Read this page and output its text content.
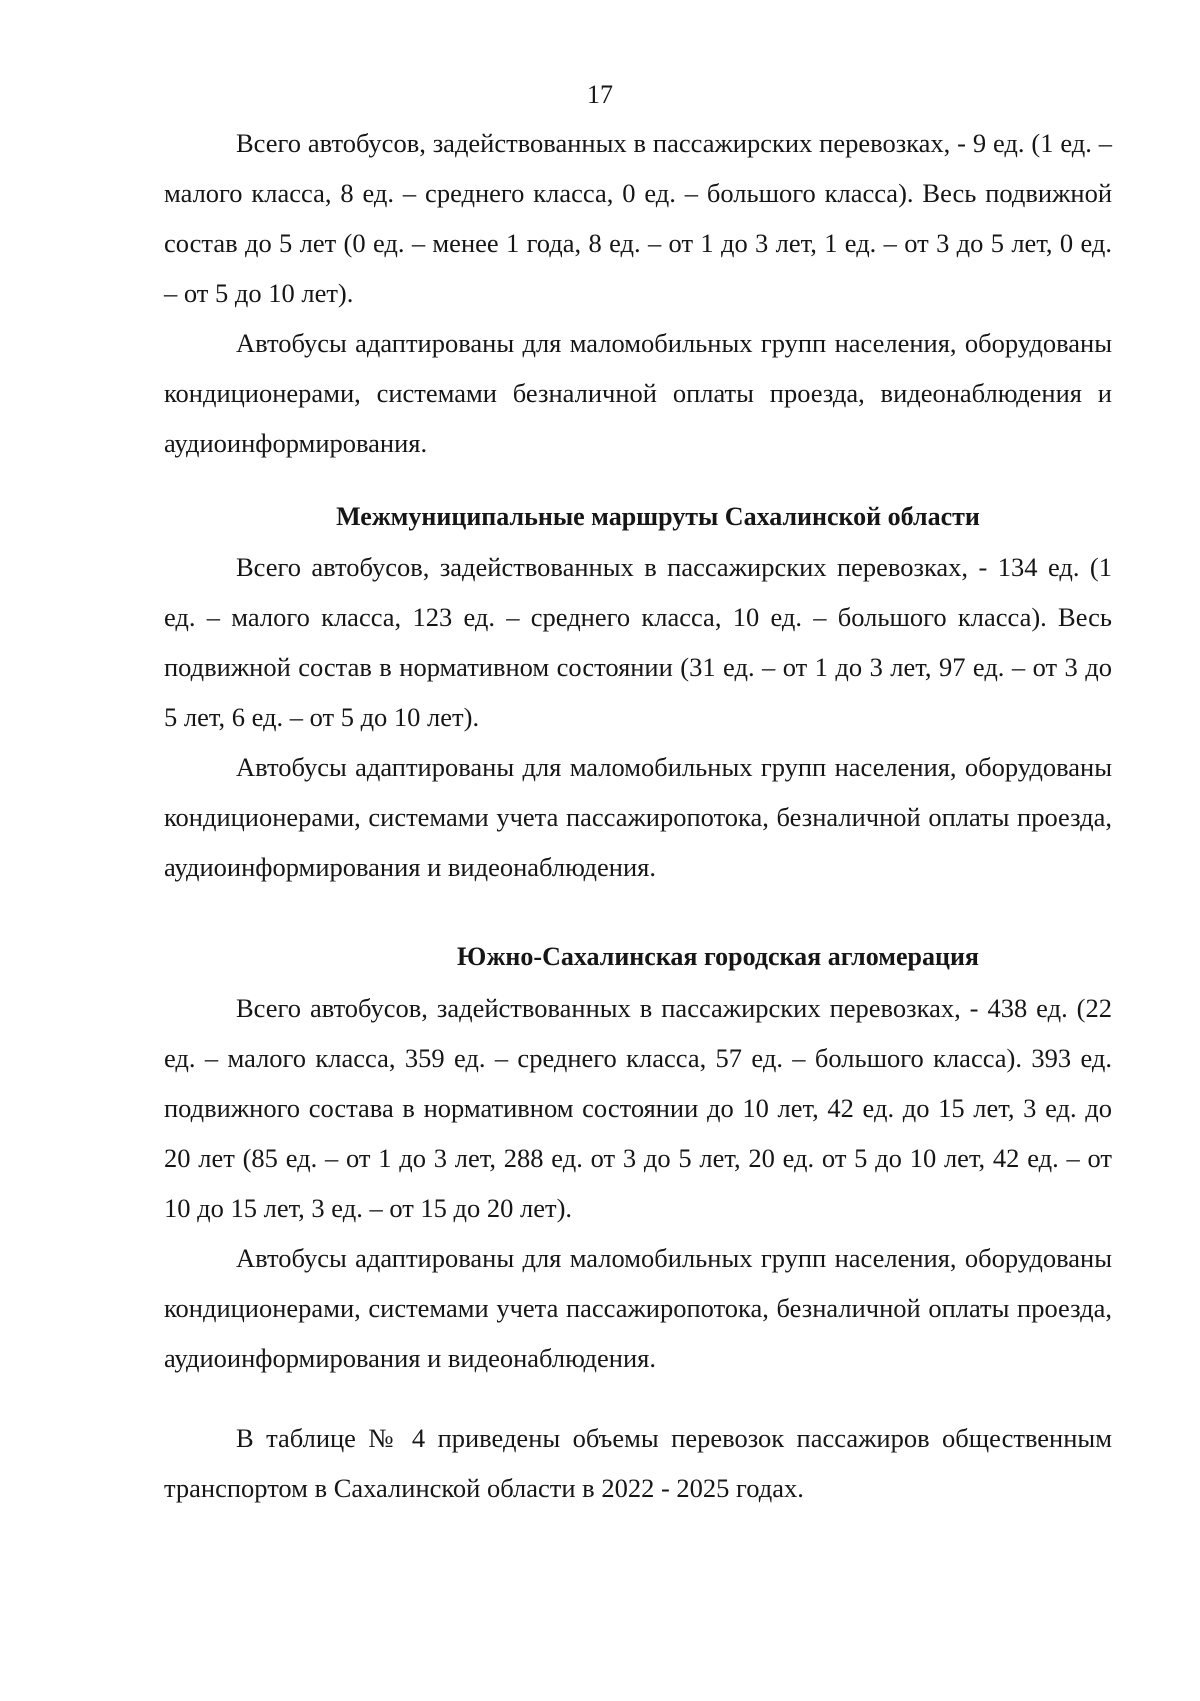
17

Всего автобусов, задействованных в пассажирских перевозках, - 9 ед. (1 ед. – малого класса, 8 ед. – среднего класса, 0 ед. – большого класса). Весь подвижной состав до 5 лет (0 ед. – менее 1 года, 8 ед. – от 1 до 3 лет, 1 ед. – от 3 до 5 лет, 0 ед. – от 5 до 10 лет).

Автобусы адаптированы для маломобильных групп населения, оборудованы кондиционерами, системами безналичной оплаты проезда, видеонаблюдения и аудиоинформирования.

Межмуниципальные маршруты Сахалинской области

Всего автобусов, задействованных в пассажирских перевозках, - 134 ед. (1 ед. – малого класса, 123 ед. – среднего класса, 10 ед. – большого класса). Весь подвижной состав в нормативном состоянии (31 ед. – от 1 до 3 лет, 97 ед. – от 3 до 5 лет, 6 ед. – от 5 до 10 лет).

Автобусы адаптированы для маломобильных групп населения, оборудованы кондиционерами, системами учета пассажиропотока, безналичной оплаты проезда, аудиоинформирования и видеонаблюдения.

Южно-Сахалинская городская агломерация

Всего автобусов, задействованных в пассажирских перевозках, - 438 ед. (22 ед. – малого класса, 359 ед. – среднего класса, 57 ед. – большого класса). 393 ед. подвижного состава в нормативном состоянии до 10 лет, 42 ед. до 15 лет, 3 ед. до 20 лет (85 ед. – от 1 до 3 лет, 288 ед. от 3 до 5 лет, 20 ед. от 5 до 10 лет, 42 ед. – от 10 до 15 лет, 3 ед. – от 15 до 20 лет).

Автобусы адаптированы для маломобильных групп населения, оборудованы кондиционерами, системами учета пассажиропотока, безналичной оплаты проезда, аудиоинформирования и видеонаблюдения.

В таблице № 4 приведены объемы перевозок пассажиров общественным транспортом в Сахалинской области в 2022 - 2025 годах.
